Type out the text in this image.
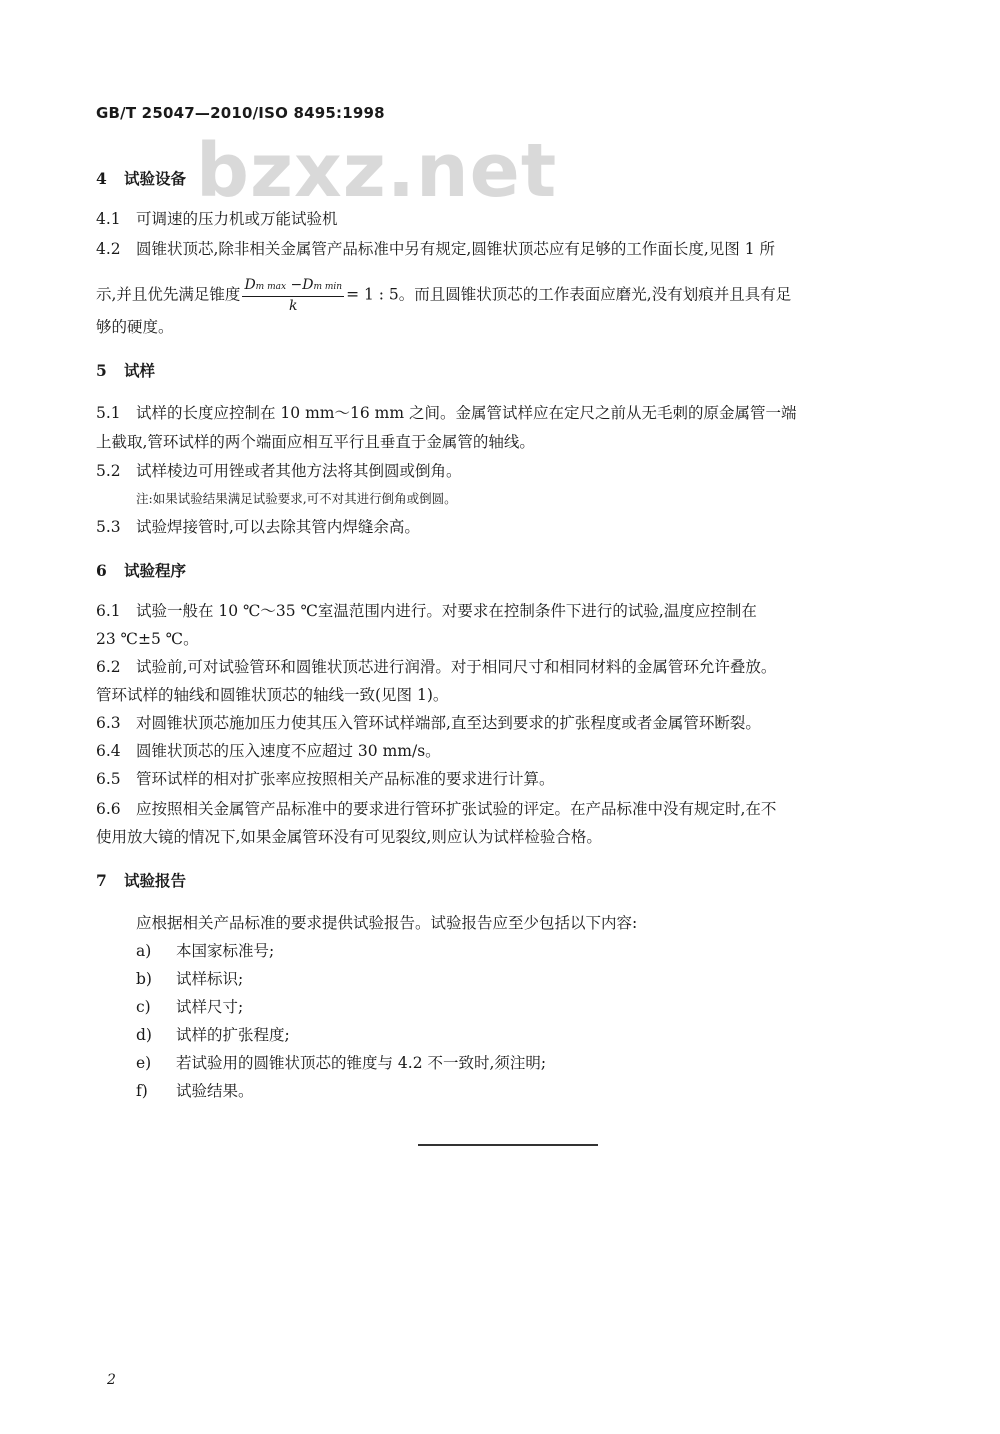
GB/T 25047—2010/ISO 8495:1998
bzxz.net
4 试验设备
4.1 可调速的压力机或万能试验机
4.2 圆锥状顶芯,除非相关金属管产品标准中另有规定,圆锥状顶芯应有足够的工作面长度,见图 1 所
示,并且优先满足锥度 $\frac{\text{Dm max −Dm min}}{k} = 1$ : 5。而且圆锥状顶芯的工作表面应磨光,没有划痕并且具有足
够的硬度。
5 试样
5.1 试样的长度应控制在 10 mm～16 mm 之间。金属管试样应在定尺之前从无毛刺的原金属管一端
上截取,管环试样的两个端面应相互平行且垂直于金属管的轴线。
5.2 试样棱边可用锉或者其他方法将其倒圆或倒角。
注:如果试验结果满足试验要求,可不对其进行倒角或倒圆。
5.3 试验焊接管时,可以去除其管内焊缝余高。
6 试验程序
6.1 试验一般在 10 ℃～35 ℃室温范围内进行。对要求在控制条件下进行的试验,温度应控制在
23 ℃±5 ℃。
6.2 试验前,可对试验管环和圆锥状顶芯进行润滑。对于相同尺寸和相同材料的金属管环允许叠放。
管环试样的轴线和圆锥状顶芯的轴线一致(见图 1)。
6.3 对圆锥状顶芯施加压力使其压入管环试样端部,直至达到要求的扩张程度或者金属管环断裂。
6.4 圆锥状顶芯的压入速度不应超过 30 mm/s。
6.5 管环试样的相对扩张率应按照相关产品标准的要求进行计算。
6.6 应按照相关金属管产品标准中的要求进行管环扩张试验的评定。在产品标准中没有规定时,在不
使用放大镜的情况下,如果金属管环没有可见裂纹,则应认为试样检验合格。
7 试验报告
应根据相关产品标准的要求提供试验报告。试验报告应至少包括以下内容:
a) 本国家标准号;
b) 试样标识;
c) 试样尺寸;
d) 试样的扩张程度;
e) 若试验用的圆锥状顶芯的锥度与 4.2 不一致时,须注明;
f) 试验结果。
2
